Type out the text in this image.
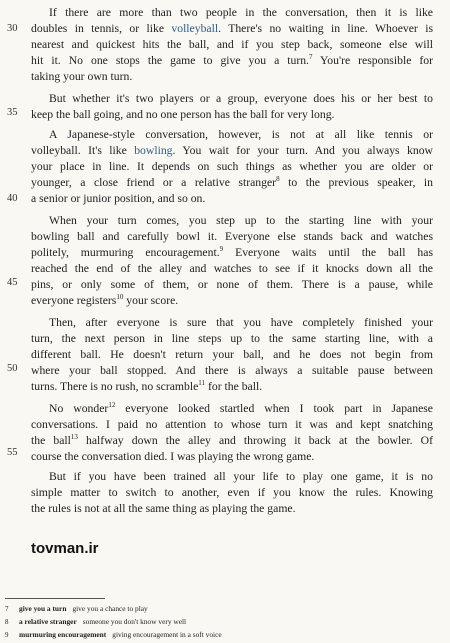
If there are more than two people in the conversation, then it is like
doubles in tennis, or like volleyball. There's no waiting in line. Whoever is
nearest and quickest hits the ball, and if you step back, someone else will
hit it. No one stops the game to give you a turn.$^7$ You're responsible for
taking your own turn.
But whether it's two players or a group, everyone does his or her best to
keep the ball going, and no one person has the ball for very long.
A Japanese-style conversation, however, is not at all like tennis or
volleyball. It's like bowling. You wait for your turn. And you always know
your place in line. It depends on such things as whether you are older or
younger, a close friend or a relative stranger$^8$ to the previous speaker, in
a senior or junior position, and so on.
When your turn comes, you step up to the starting line with your
bowling ball and carefully bowl it. Everyone else stands back and watches
politely, murmuring encouragement.$^9$ Everyone waits until the ball has
reached the end of the alley and watches to see if it knocks down all the
pins, or only some of them, or none of them. There is a pause, while
everyone registers$^{10}$ your score.
Then, after everyone is sure that you have completely finished your
turn, the next person in line steps up to the same starting line, with a
different ball. He doesn't return your ball, and he does not begin from
where your ball stopped. And there is always a suitable pause between
turns. There is no rush, no scramble$^{11}$ for the ball.
No wonder$^{12}$ everyone looked startled when I took part in Japanese
conversations. I paid no attention to whose turn it was and kept snatching
the ball$^{13}$ halfway down the alley and throwing it back at the bowler. Of
course the conversation died. I was playing the wrong game.
But if you have been trained all your life to play one game, it is no
simple matter to switch to another, even if you know the rules. Knowing
the rules is not at all the same thing as playing the game.
30
35
40
45
50
55
tovman.ir
7 give you a turn give you a chance to play
8 a relative stranger someone you don't know very well
9 murmuring encouragement giving encouragement in a soft voice
